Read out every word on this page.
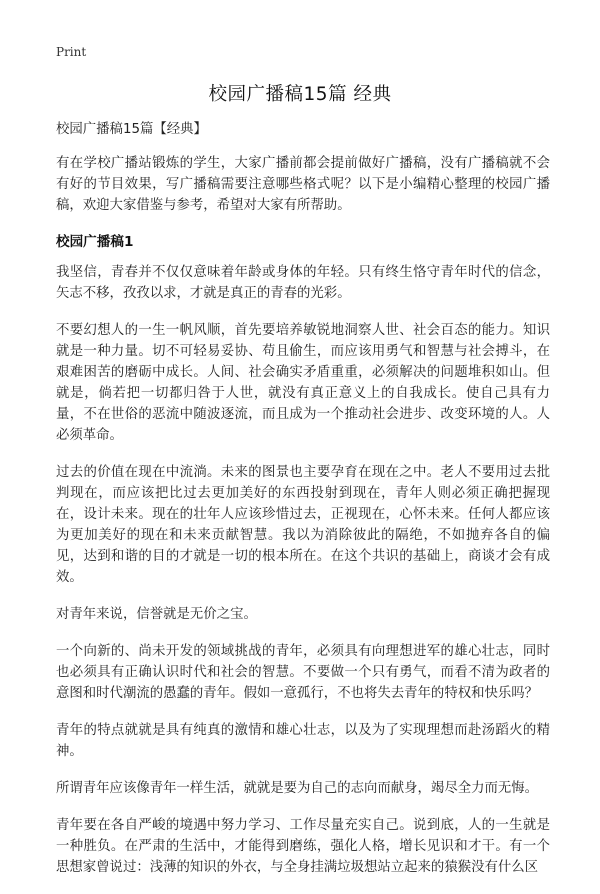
Print
校园广播稿15篇 经典

校园广播稿15篇【经典】

有在学校广播站锻炼的学生，大家广播前都会提前做好广播稿，没有广播稿就不会有好的节目效果，写广播稿需要注意哪些格式呢？以下是小编精心整理的校园广播稿，欢迎大家借鉴与参考，希望对大家有所帮助。

校园广播稿1

我坚信，青春并不仅仅意味着年龄或身体的年轻。只有终生恪守青年时代的信念，矢志不移，孜孜以求，才就是真正的青春的光彩。

不要幻想人的一生一帆风顺，首先要培养敏锐地洞察人世、社会百态的能力。知识就是一种力量。切不可轻易妥协、苟且偷生，而应该用勇气和智慧与社会搏斗，在艰难困苦的磨砺中成长。人间、社会确实矛盾重重，必须解决的问题堆积如山。但就是，倘若把一切都归咎于人世，就没有真正意义上的自我成长。使自己具有力量，不在世俗的恶流中随波逐流，而且成为一个推动社会进步、改变环境的人。人必须革命。

过去的价值在现在中流淌。未来的图景也主要孕育在现在之中。老人不要用过去批判现在，而应该把比过去更加美好的东西投射到现在，青年人则必须正确把握现在，设计未来。现在的壮年人应该珍惜过去，正视现在，心怀未来。任何人都应该为更加美好的现在和未来贡献智慧。我以为消除彼此的隔绝，不如抛弃各自的偏见，达到和谐的目的才就是一切的根本所在。在这个共识的基础上，商谈才会有成效。

对青年来说，信誉就是无价之宝。

一个向新的、尚未开发的领域挑战的青年，必须具有向理想进军的雄心壮志，同时也必须具有正确认识时代和社会的智慧。不要做一个只有勇气，而看不清为政者的意图和时代潮流的愚蠢的青年。假如一意孤行，不也将失去青年的特权和快乐吗？

青年的特点就就是具有纯真的激情和雄心壮志，以及为了实现理想而赴汤蹈火的精神。

所谓青年应该像青年一样生活，就就是要为自己的志向而献身，竭尽全力而无悔。

青年要在各自严峻的境遇中努力学习、工作尽量充实自己。说到底，人的一生就是一种胜负。在严肃的生活中，才能得到磨练，强化人格，增长见识和才干。有一个思想家曾说过：浅薄的知识的外衣，与全身挂满垃圾想站立起来的猿猴没有什么区
